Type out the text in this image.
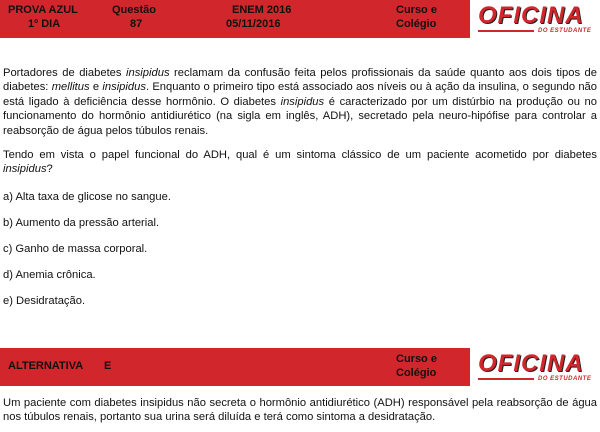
PROVA AZUL
1º DIA
Questão
87
ENEM 2016
05/11/2016
Curso e
Colégio OFICINA
DO ESTUDANTE
Portadores de diabetes insipidus reclamam da confusão feita pelos profissionais da saúde quanto aos dois tipos de diabetes: mellitus e insipidus. Enquanto o primeiro tipo está associado aos níveis ou à ação da insulina, o segundo não está ligado à deficiência desse hormônio. O diabetes insipidus é caracterizado por um distúrbio na produção ou no funcionamento do hormônio antidiurético (na sigla em inglês, ADH), secretado pela neuro-hipófise para controlar a reabsorção de água pelos túbulos renais.
Tendo em vista o papel funcional do ADH, qual é um sintoma clássico de um paciente acometido por diabetes insipidus?
a) Alta taxa de glicose no sangue.
b) Aumento da pressão arterial.
c) Ganho de massa corporal.
d) Anemia crônica.
e) Desidratação.
ALTERNATIVA E
Curso e
Colégio OFICINA
DO ESTUDANTE
Um paciente com diabetes insipidus não secreta o hormônio antidiurético (ADH) responsável pela reabsorção de água nos túbulos renais, portanto sua urina será diluída e terá como sintoma a desidratação.
